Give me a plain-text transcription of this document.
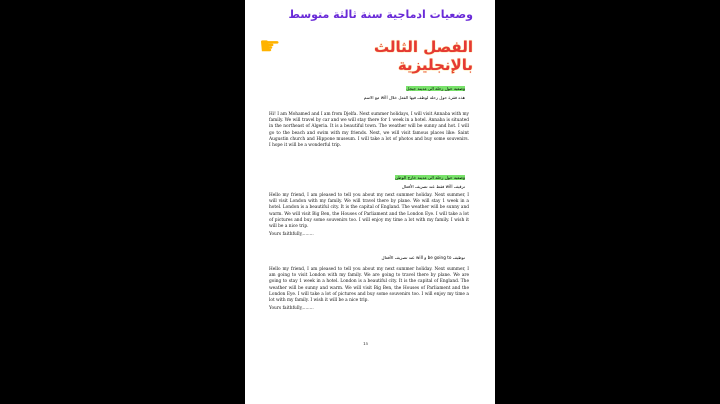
وضعيات ادماجية سنة ثالثة متوسط
☛	الفصل الثالث بالإنجليزية
وضعية حول رحلة الى مدينة جيجل
هذه فقرة حول رحلة لوظف فيها الفعل خلال will مع الاسم

Hi! I am Mohamed and I am from Djelfa. Next summer holidays, I will visit Annaba with my family. We will travel by car and we will stay there for 1 week in a hotel. Annaba is situated in the northeast of Algeria. It is a beautiful town. The weather will be sunny and hot. I will go to the beach and swim with my friends. Next, we will visit famous places like: Saint Augustin church and Hippone museum. I will take a lot of photos and buy some souvenirs. I hope it will be a wonderful trip.

وضعية حول رحلة الى مدينة خارج الوطن
ترقيف will فقط عند تصريف الأفعال

Hello my friend, I am pleased to tell you about my next summer holiday. Next summer, I will visit London with my family. We will travel there by plane. We will stay 1 week in a hotel. London is a beautiful city. It is the capital of England. The weather will be sunny and warm. We will visit Big Ben, the Houses of Parliament and the London Eye. I will take a lot of pictures and buy some souvenirs too. I will enjoy my time a lot with my family. I wish it will be a nice trip.

Yours faithfully,........

توظيف be going to و will عند تصريف الأفعال

Hello my friend, I am pleased to tell you about my next summer holiday. Next summer, I am going to visit London with my family. We are going to travel there by plane. We are going to stay 1 week in a hotel. London is a beautiful city. It is the capital of England. The weather will be sunny and warm. We will visit Big Ben, the Houses of Parliament and the London Eye. I will take a lot of pictures and buy some souvenirs too. I will enjoy my time a lot with my family. I wish it will be a nice trip.

Yours faithfully,........

15
